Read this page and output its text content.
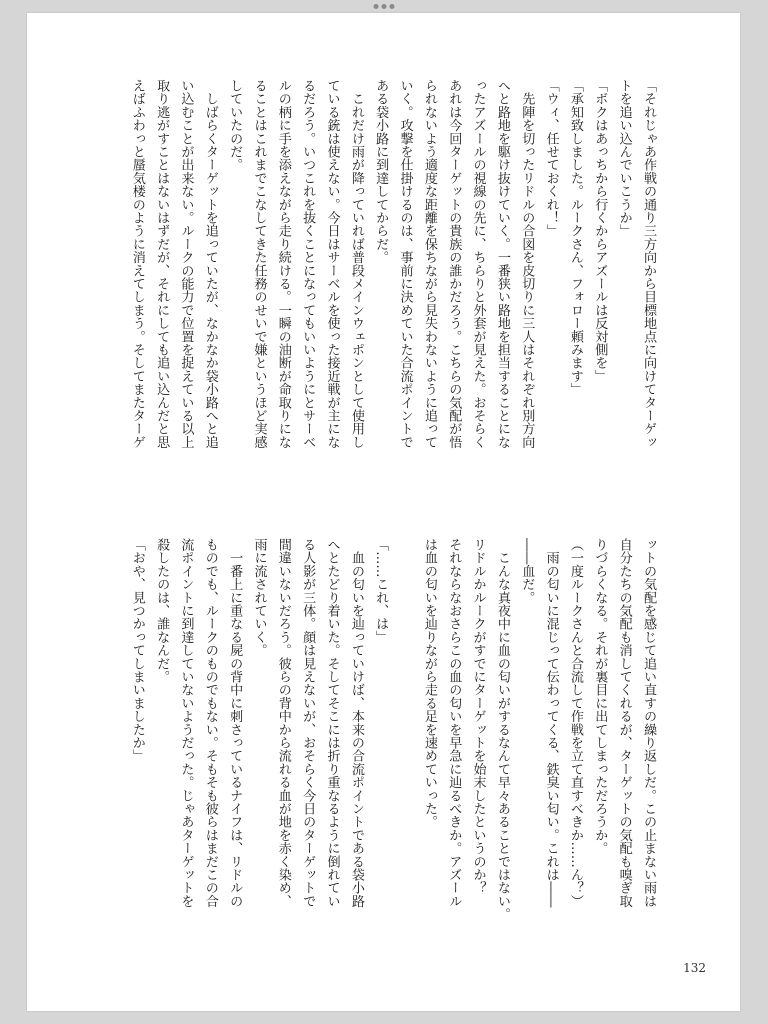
「それじゃあ作戦の通り三方向から目標地点に向けてターゲッ
トを追い込んでいこうか」
「ボクはあっちから行くからアズールは反対側を」
「承知致しました。ルークさん、フォロー頼みます」
「ウィ、任せておくれ！」
　先陣を切ったリドルの合図を皮切りに三人はそれぞれ別方向
へと路地を駆け抜けていく。一番狭い路地を担当することにな
ったアズールの視線の先に、ちらりと外套が見えた。おそらく
あれは今回ターゲットの貴族の誰かだろう。こちらの気配が悟
られないよう適度な距離を保ちながら見失わないように追って
いく。攻撃を仕掛けるのは、事前に決めていた合流ポイントで
ある袋小路に到達してからだ。
　これだけ雨が降っていれば普段メインウェポンとして使用し
ている銃は使えない。今日はサーベルを使った接近戦が主にな
るだろう。いつこれを抜くことになってもいいようにとサーベ
ルの柄に手を添えながら走り続ける。一瞬の油断が命取りにな
ることはこれまでこなしてきた任務のせいで嫌というほど実感
していたのだ。
　しばらくターゲットを追っていたが、なかなか袋小路へと追
い込むことが出来ない。ルークの能力で位置を捉えている以上
取り逃がすことはないはずだが、それにしても追い込んだと思
えばふわっと蜃気楼のように消えてしまう。そしてまたターゲ
ットの気配を感じて追い直すの繰り返しだ。この止まない雨は
自分たちの気配も消してくれるが、ターゲットの気配も嗅ぎ取
りづらくなる。それが裏目に出てしまっただろうか。
（一度ルークさんと合流して作戦を立て直すべきか……ん？）
　雨の匂いに混じって伝わってくる、鉄臭い匂い。これは――
――血だ。
　こんな真夜中に血の匂いがするなんて早々あることではない。
リドルかルークがすでにターゲットを始末したというのか？
それならなおさらこの血の匂いを早急に辿るべきか。アズール
は血の匂いを辿りながら走る足を速めていった。

「……これ、は」
　血の匂いを辿っていけば、本来の合流ポイントである袋小路
へとたどり着いた。そしてそこには折り重なるように倒れてい
る人影が三体。顔は見えないが、おそらく今日のターゲットで
間違いないだろう。彼らの背中から流れる血が地を赤く染め、
雨に流されていく。
　一番上に重なる屍の背中に刺さっているナイフは、リドルの
ものでも、ルークのものでもない。そもそも彼らはまだこの合
流ポイントに到達していないようだった。じゃあターゲットを
殺したのは、誰なんだ。
「おや、見つかってしまいましたか」
132
